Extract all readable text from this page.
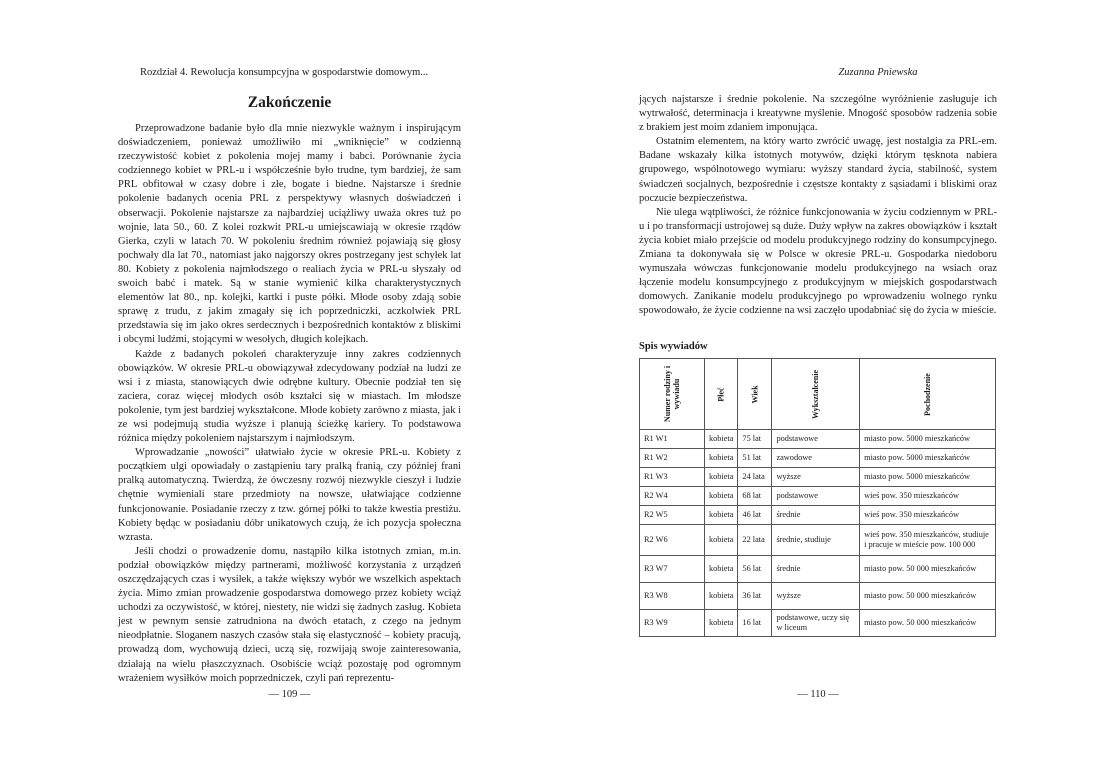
Rozdział 4. Rewolucja konsumpcyjna w gospodarstwie domowym...
Zakończenie

Przeprowadzone badanie było dla mnie niezwykle ważnym i inspirującym doświadczeniem, ponieważ umożliwiło mi „wniknięcie” w codzienną rzeczywistość kobiet z pokolenia mojej mamy i babci. Porównanie życia codziennego kobiet w PRL-u i współcześnie było trudne, tym bardziej, że sam PRL obfitował w czasy dobre i złe, bogate i biedne. Najstarsze i średnie pokolenie badanych ocenia PRL z perspektywy własnych doświadczeń i obserwacji. Pokolenie najstarsze za najbardziej uciążliwy uważa okres tuż po wojnie, lata 50., 60. Z kolei rozkwit PRL-u umiejscawiają w okresie rządów Gierka, czyli w latach 70. W pokoleniu średnim również pojawiają się głosy pochwały dla lat 70., natomiast jako najgorszy okres postrzegany jest schyłek lat 80. Kobiety z pokolenia najmłodszego o realiach życia w PRL-u słyszały od swoich babć i matek. Są w stanie wymienić kilka charakterystycznych elementów lat 80., np. kolejki, kartki i puste półki. Młode osoby zdają sobie sprawę z trudu, z jakim zmagały się ich poprzedniczki, aczkolwiek PRL przedstawia się im jako okres serdecznych i bezpośrednich kontaktów z bliskimi i obcymi ludźmi, stojącymi w wesołych, długich kolejkach.

Każde z badanych pokoleń charakteryzuje inny zakres codziennych obowiązków. W okresie PRL-u obowiązywał zdecydowany podział na ludzi ze wsi i z miasta, stanowiących dwie odrębne kultury. Obecnie podział ten się zaciera, coraz więcej młodych osób kształci się w miastach. Im młodsze pokolenie, tym jest bardziej wykształcone. Młode kobiety zarówno z miasta, jak i ze wsi podejmują studia wyższe i planują ścieżkę kariery. To podstawowa różnica między pokoleniem najstarszym i najmłodszym.

Wprowadzanie „nowości” ułatwiało życie w okresie PRL-u. Kobiety z początkiem ulgi opowiadały o zastąpieniu tary pralką franią, czy później frani pralką automatyczną. Twierdzą, że ówczesny rozwój niezwykle cieszył i ludzie chętnie wymieniali stare przedmioty na nowsze, ułatwiające codzienne funkcjonowanie. Posiadanie rzeczy z tzw. górnej półki to także kwestia prestiżu. Kobiety będąc w posiadaniu dóbr unikatowych czują, że ich pozycja społeczna wzrasta.

Jeśli chodzi o prowadzenie domu, nastąpiło kilka istotnych zmian, m.in. podział obowiązków między partnerami, możliwość korzystania z urządzeń oszczędzających czas i wysiłek, a także większy wybór we wszelkich aspektach życia. Mimo zmian prowadzenie gospodarstwa domowego przez kobiety wciąż uchodzi za oczywistość, w której, niestety, nie widzi się żadnych zasług. Kobieta jest w pewnym sensie zatrudniona na dwóch etatach, z czego na jednym nieodpłatnie. Sloganem naszych czasów stała się elastyczność – kobiety pracują, prowadzą dom, wychowują dzieci, uczą się, rozwijają swoje zainteresowania, działają na wielu płaszczyznach. Osobiście wciąż pozostaję pod ogromnym wrażeniem wysiłków moich poprzedniczek, czyli pań reprezentu-

— 109 —
Zuzanna Pniewska

jących najstarsze i średnie pokolenie. Na szczególne wyróżnienie zasługuje ich wytrwałość, determinacja i kreatywne myślenie. Mnogość sposobów radzenia sobie z brakiem jest moim zdaniem imponująca.

Ostatnim elementem, na który warto zwrócić uwagę, jest nostalgia za PRL-em. Badane wskazały kilka istotnych motywów, dzięki którym tęsknota nabiera grupowego, wspólnotowego wymiaru: wyższy standard życia, stabilność, system świadczeń socjalnych, bezpośrednie i częstsze kontakty z sąsiadami i bliskimi oraz poczucie bezpieczeństwa.

Nie ulega wątpliwości, że różnice funkcjonowania w życiu codziennym w PRL-u i po transformacji ustrojowej są duże. Duży wpływ na zakres obowiązków i kształt życia kobiet miało przejście od modelu produkcyjnego rodziny do konsumpcyjnego. Zmiana ta dokonywała się w Polsce w okresie PRL-u. Gospodarka niedoboru wymuszała wówczas funkcjonowanie modelu produkcyjnego na wsiach oraz łączenie modelu konsumpcyjnego z produkcyjnym w miejskich gospodarstwach domowych. Zanikanie modelu produkcyjnego po wprowadzeniu wolnego rynku spowodowało, że życie codzienne na wsi zaczęło upodabniać się do życia w mieście.

Spis wywiadów
Numer rodziny i wywiadu	Płeć	Wiek	Wykształcenie	Pochodzenie

R1 W1	kobieta	75 lat	podstawowe	miasto pow. 5000 mieszkańców
R1 W2	kobieta	51 lat	zawodowe	miasto pow. 5000 mieszkańców
R1 W3	kobieta	24 lata	wyższe	miasto pow. 5000 mieszkańców
R2 W4	kobieta	68 lat	podstawowe	wieś pow. 350 mieszkańców
R2 W5	kobieta	46 lat	średnie	wieś pow. 350 mieszkańców
R2 W6	kobieta	22 lata	średnie, studiuje	wieś pow. 350 mieszkańców, studiuje i pracuje w mieście pow. 100 000
R3 W7	kobieta	56 lat	średnie	miasto pow. 50 000 mieszkańców
R3 W8	kobieta	36 lat	wyższe	miasto pow. 50 000 mieszkańców
R3 W9	kobieta	16 lat	podstawowe, uczy się w liceum	miasto pow. 50 000 mieszkańców
— 110 —
